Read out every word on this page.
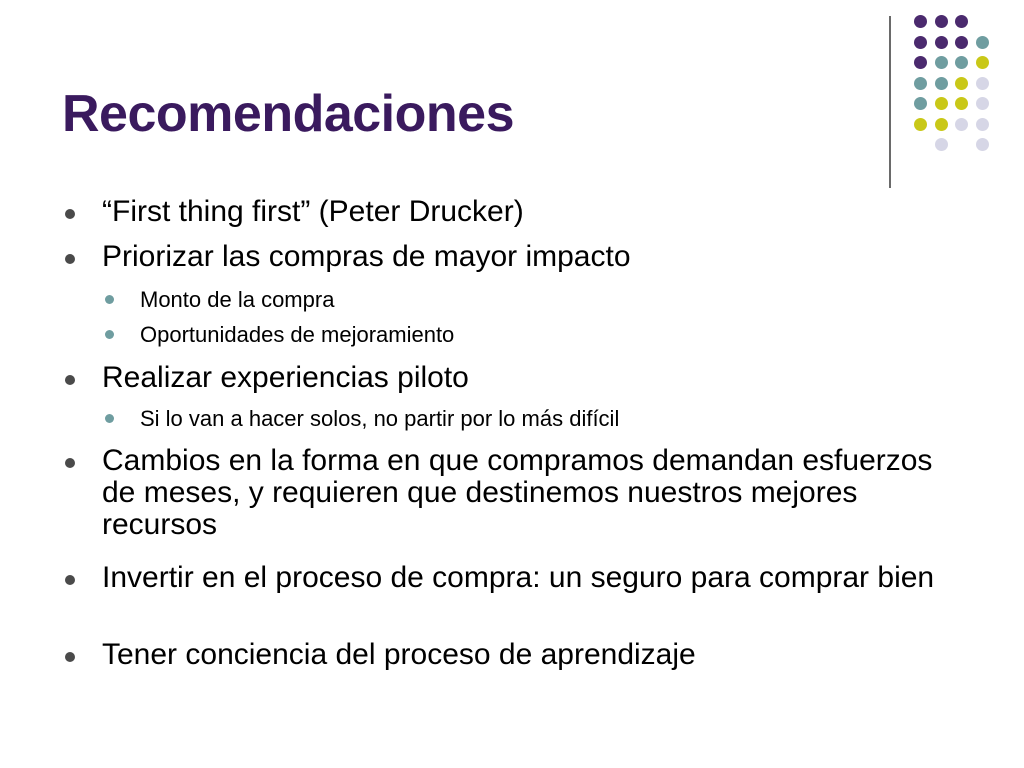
Recomendaciones
“First thing first” (Peter Drucker)
Priorizar las compras de mayor impacto
Monto de la compra
Oportunidades de mejoramiento
Realizar experiencias piloto
Si lo van a hacer solos, no partir por lo más difícil
Cambios en la forma en que compramos demandan esfuerzos de meses, y requieren que destinemos nuestros mejores recursos
Invertir en el proceso de compra: un seguro para comprar bien
Tener conciencia del proceso de aprendizaje
